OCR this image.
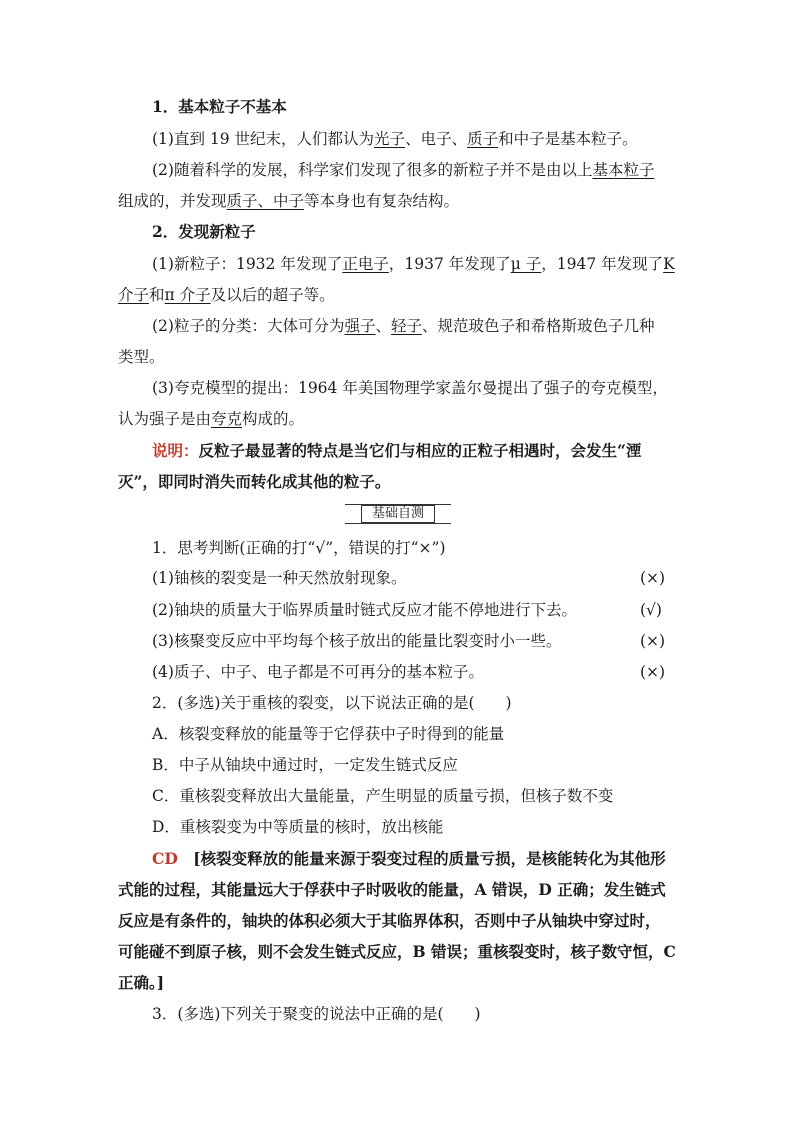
1．基本粒子不基本
(1)直到 19 世纪末，人们都认为光子、电子、质子和中子是基本粒子。
(2)随着科学的发展，科学家们发现了很多的新粒子并不是由以上基本粒子
组成的，并发现质子、中子等本身也有复杂结构。
2．发现新粒子
(1)新粒子：1932 年发现了正电子，1937 年发现了μ 子，1947 年发现了K
介子和π 介子及以后的超子等。
(2)粒子的分类：大体可分为强子、轻子、规范玻色子和希格斯玻色子几种
类型。
(3)夸克模型的提出：1964 年美国物理学家盖尔曼提出了强子的夸克模型，
认为强子是由夸克构成的。
说明：反粒子最显著的特点是当它们与相应的正粒子相遇时，会发生“湮
灭”，即同时消失而转化成其他的粒子。
基础自测
1．思考判断(正确的打“√”，错误的打“×”)
(1)铀核的裂变是一种天然放射现象。	(×)
(2)铀块的质量大于临界质量时链式反应才能不停地进行下去。	(√)
(3)核聚变反应中平均每个核子放出的能量比裂变时小一些。	(×)
(4)质子、中子、电子都是不可再分的基本粒子。	(×)
2．(多选)关于重核的裂变，以下说法正确的是(　　)
A．核裂变释放的能量等于它俘获中子时得到的能量
B．中子从铀块中通过时，一定发生链式反应
C．重核裂变释放出大量能量，产生明显的质量亏损，但核子数不变
D．重核裂变为中等质量的核时，放出核能
CD　 [核裂变释放的能量来源于裂变过程的质量亏损，是核能转化为其他形
式能的过程，其能量远大于俘获中子时吸收的能量，A 错误，D 正确；发生链式
反应是有条件的，铀块的体积必须大于其临界体积，否则中子从铀块中穿过时，
可能碰不到原子核，则不会发生链式反应，B 错误；重核裂变时，核子数守恒，C
正确。]
3．(多选)下列关于聚变的说法中正确的是(　　)
